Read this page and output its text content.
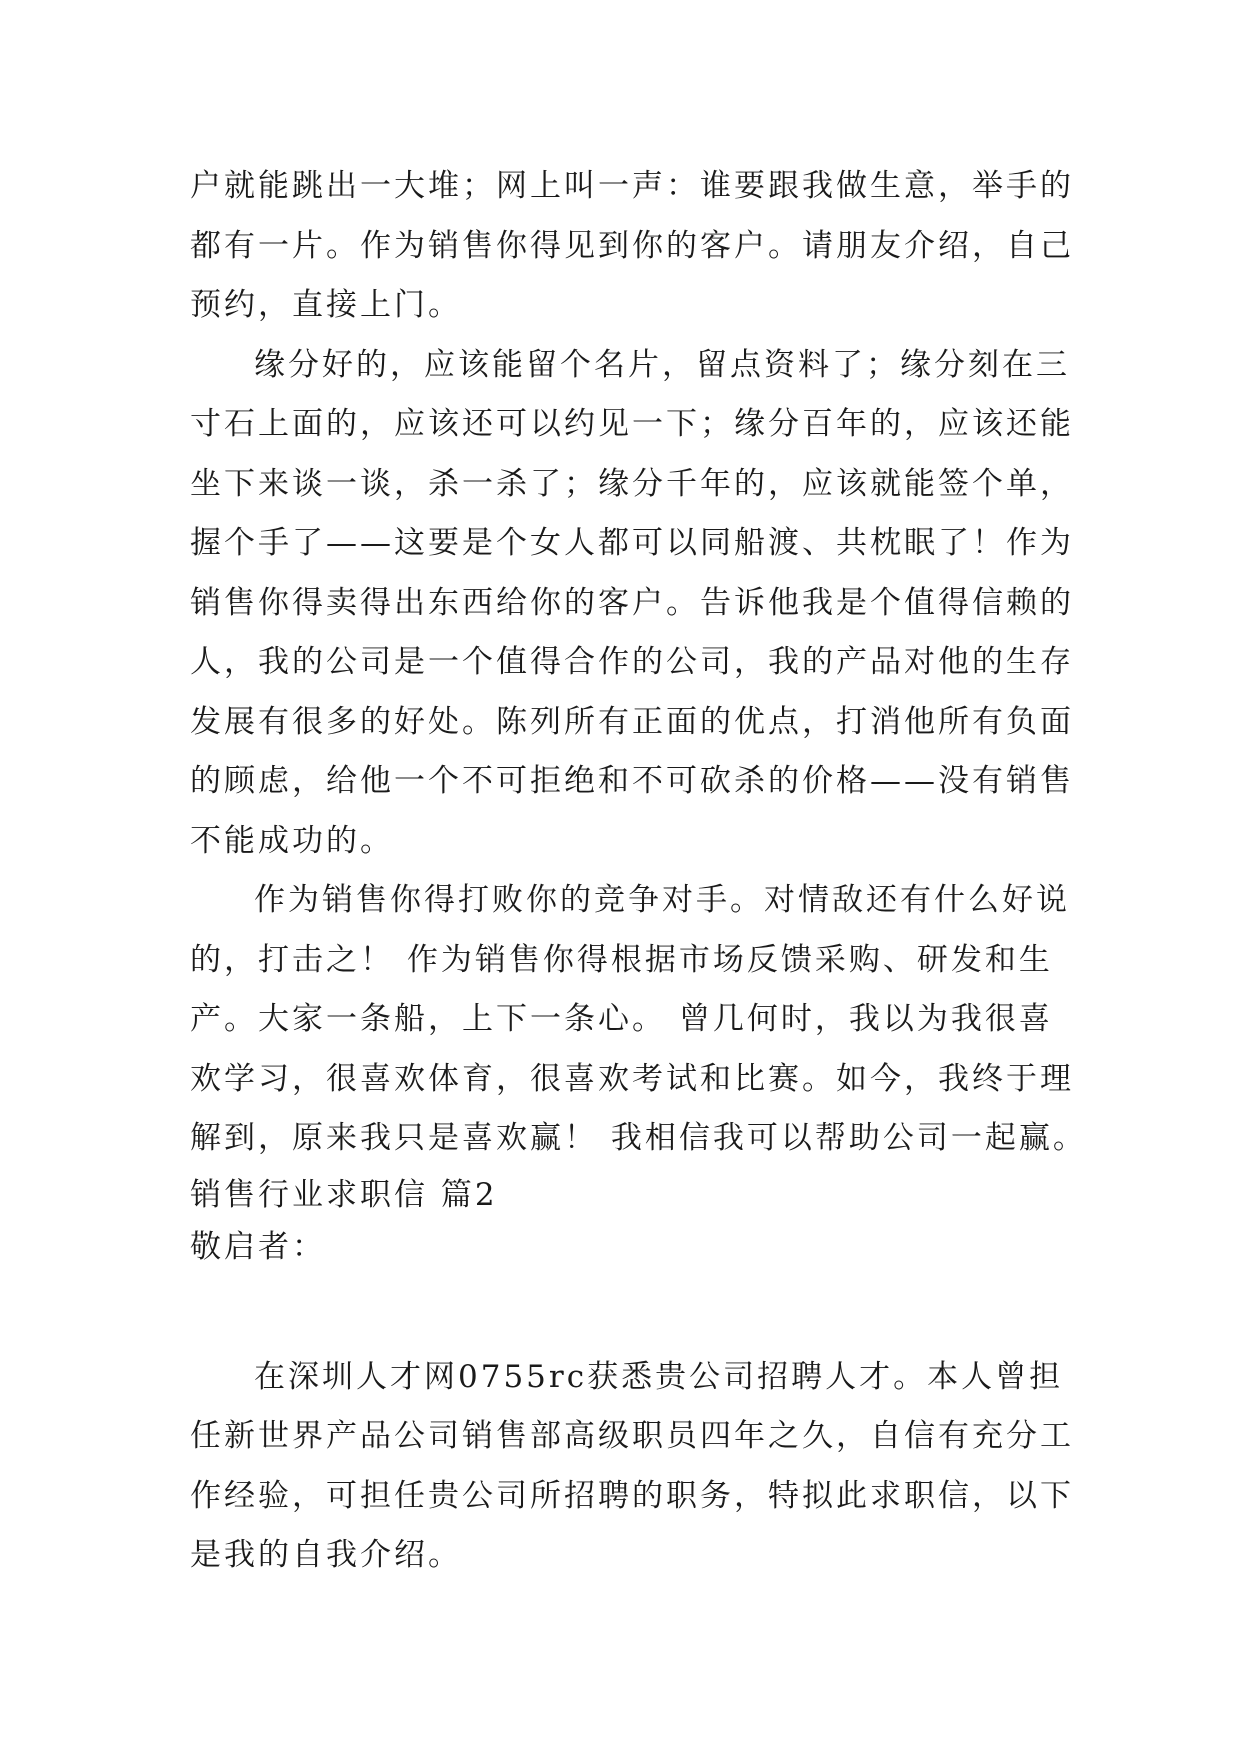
户就能跳出一大堆；网上叫一声：谁要跟我做生意，举手的
都有一片。作为销售你得见到你的客户。请朋友介绍，自己
预约，直接上门。
缘分好的，应该能留个名片，留点资料了；缘分刻在三
寸石上面的，应该还可以约见一下；缘分百年的，应该还能
坐下来谈一谈，杀一杀了；缘分千年的，应该就能签个单，
握个手了——这要是个女人都可以同船渡、共枕眠了！作为
销售你得卖得出东西给你的客户。告诉他我是个值得信赖的
人，我的公司是一个值得合作的公司，我的产品对他的生存
发展有很多的好处。陈列所有正面的优点，打消他所有负面
的顾虑，给他一个不可拒绝和不可砍杀的价格——没有销售
不能成功的。
作为销售你得打败你的竞争对手。对情敌还有什么好说
的，打击之！ 作为销售你得根据市场反馈采购、研发和生
产。大家一条船，上下一条心。 曾几何时，我以为我很喜
欢学习，很喜欢体育，很喜欢考试和比赛。如今，我终于理
解到，原来我只是喜欢赢！ 我相信我可以帮助公司一起赢。
销售行业求职信 篇2
敬启者：
在深圳人才网0755rc获悉贵公司招聘人才。本人曾担
任新世界产品公司销售部高级职员四年之久，自信有充分工
作经验，可担任贵公司所招聘的职务，特拟此求职信，以下
是我的自我介绍。
